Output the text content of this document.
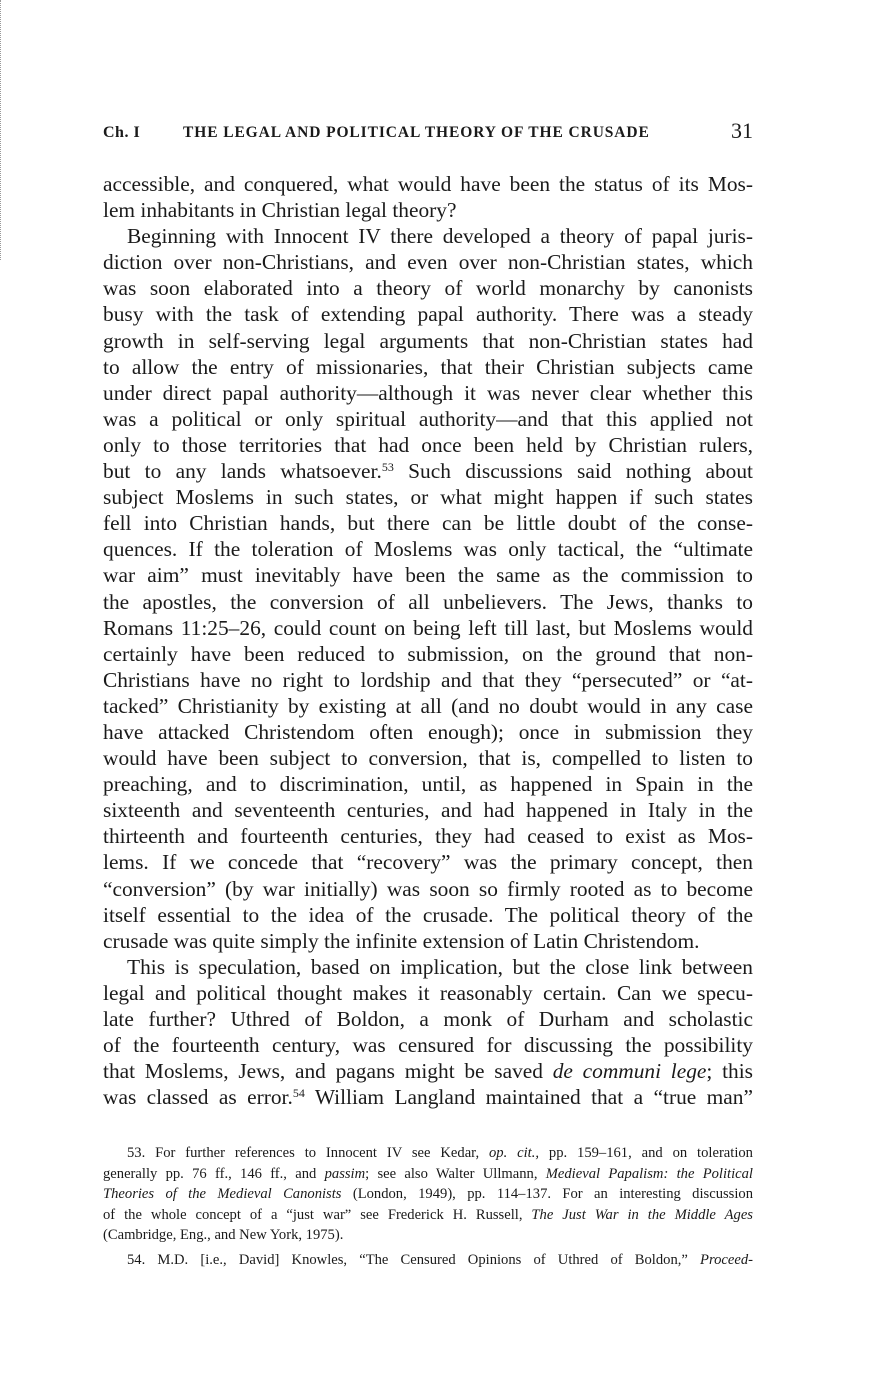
Ch. I	THE LEGAL AND POLITICAL THEORY OF THE CRUSADE	31
accessible, and conquered, what would have been the status of its Mos-
lem inhabitants in Christian legal theory?
Beginning with Innocent IV there developed a theory of papal juris-
diction over non-Christians, and even over non-Christian states, which
was soon elaborated into a theory of world monarchy by canonists
busy with the task of extending papal authority. There was a steady
growth in self-serving legal arguments that non-Christian states had
to allow the entry of missionaries, that their Christian subjects came
under direct papal authority—although it was never clear whether this
was a political or only spiritual authority—and that this applied not
only to those territories that had once been held by Christian rulers,
but to any lands whatsoever.$^{53}$ Such discussions said nothing about
subject Moslems in such states, or what might happen if such states
fell into Christian hands, but there can be little doubt of the conse-
quences. If the toleration of Moslems was only tactical, the “ultimate
war aim” must inevitably have been the same as the commission to
the apostles, the conversion of all unbelievers. The Jews, thanks to
Romans 11:25–26, could count on being left till last, but Moslems would
certainly have been reduced to submission, on the ground that non-
Christians have no right to lordship and that they “persecuted” or “at-
tacked” Christianity by existing at all (and no doubt would in any case
have attacked Christendom often enough); once in submission they
would have been subject to conversion, that is, compelled to listen to
preaching, and to discrimination, until, as happened in Spain in the
sixteenth and seventeenth centuries, and had happened in Italy in the
thirteenth and fourteenth centuries, they had ceased to exist as Mos-
lems. If we concede that “recovery” was the primary concept, then
“conversion” (by war initially) was soon so firmly rooted as to become
itself essential to the idea of the crusade. The political theory of the
crusade was quite simply the infinite extension of Latin Christendom.
This is speculation, based on implication, but the close link between
legal and political thought makes it reasonably certain. Can we specu-
late further? Uthred of Boldon, a monk of Durham and scholastic
of the fourteenth century, was censured for discussing the possibility
that Moslems, Jews, and pagans might be saved de communi lege; this
was classed as error.$^{54}$ William Langland maintained that a “true man”
53. For further references to Innocent IV see Kedar, op. cit., pp. 159–161, and on toleration
generally pp. 76 ff., 146 ff., and passim; see also Walter Ullmann, Medieval Papalism: the Political
Theories of the Medieval Canonists (London, 1949), pp. 114–137. For an interesting discussion
of the whole concept of a “just war” see Frederick H. Russell, The Just War in the Middle Ages
(Cambridge, Eng., and New York, 1975).
54. M.D. [i.e., David] Knowles, “The Censured Opinions of Uthred of Boldon,” Proceed-
